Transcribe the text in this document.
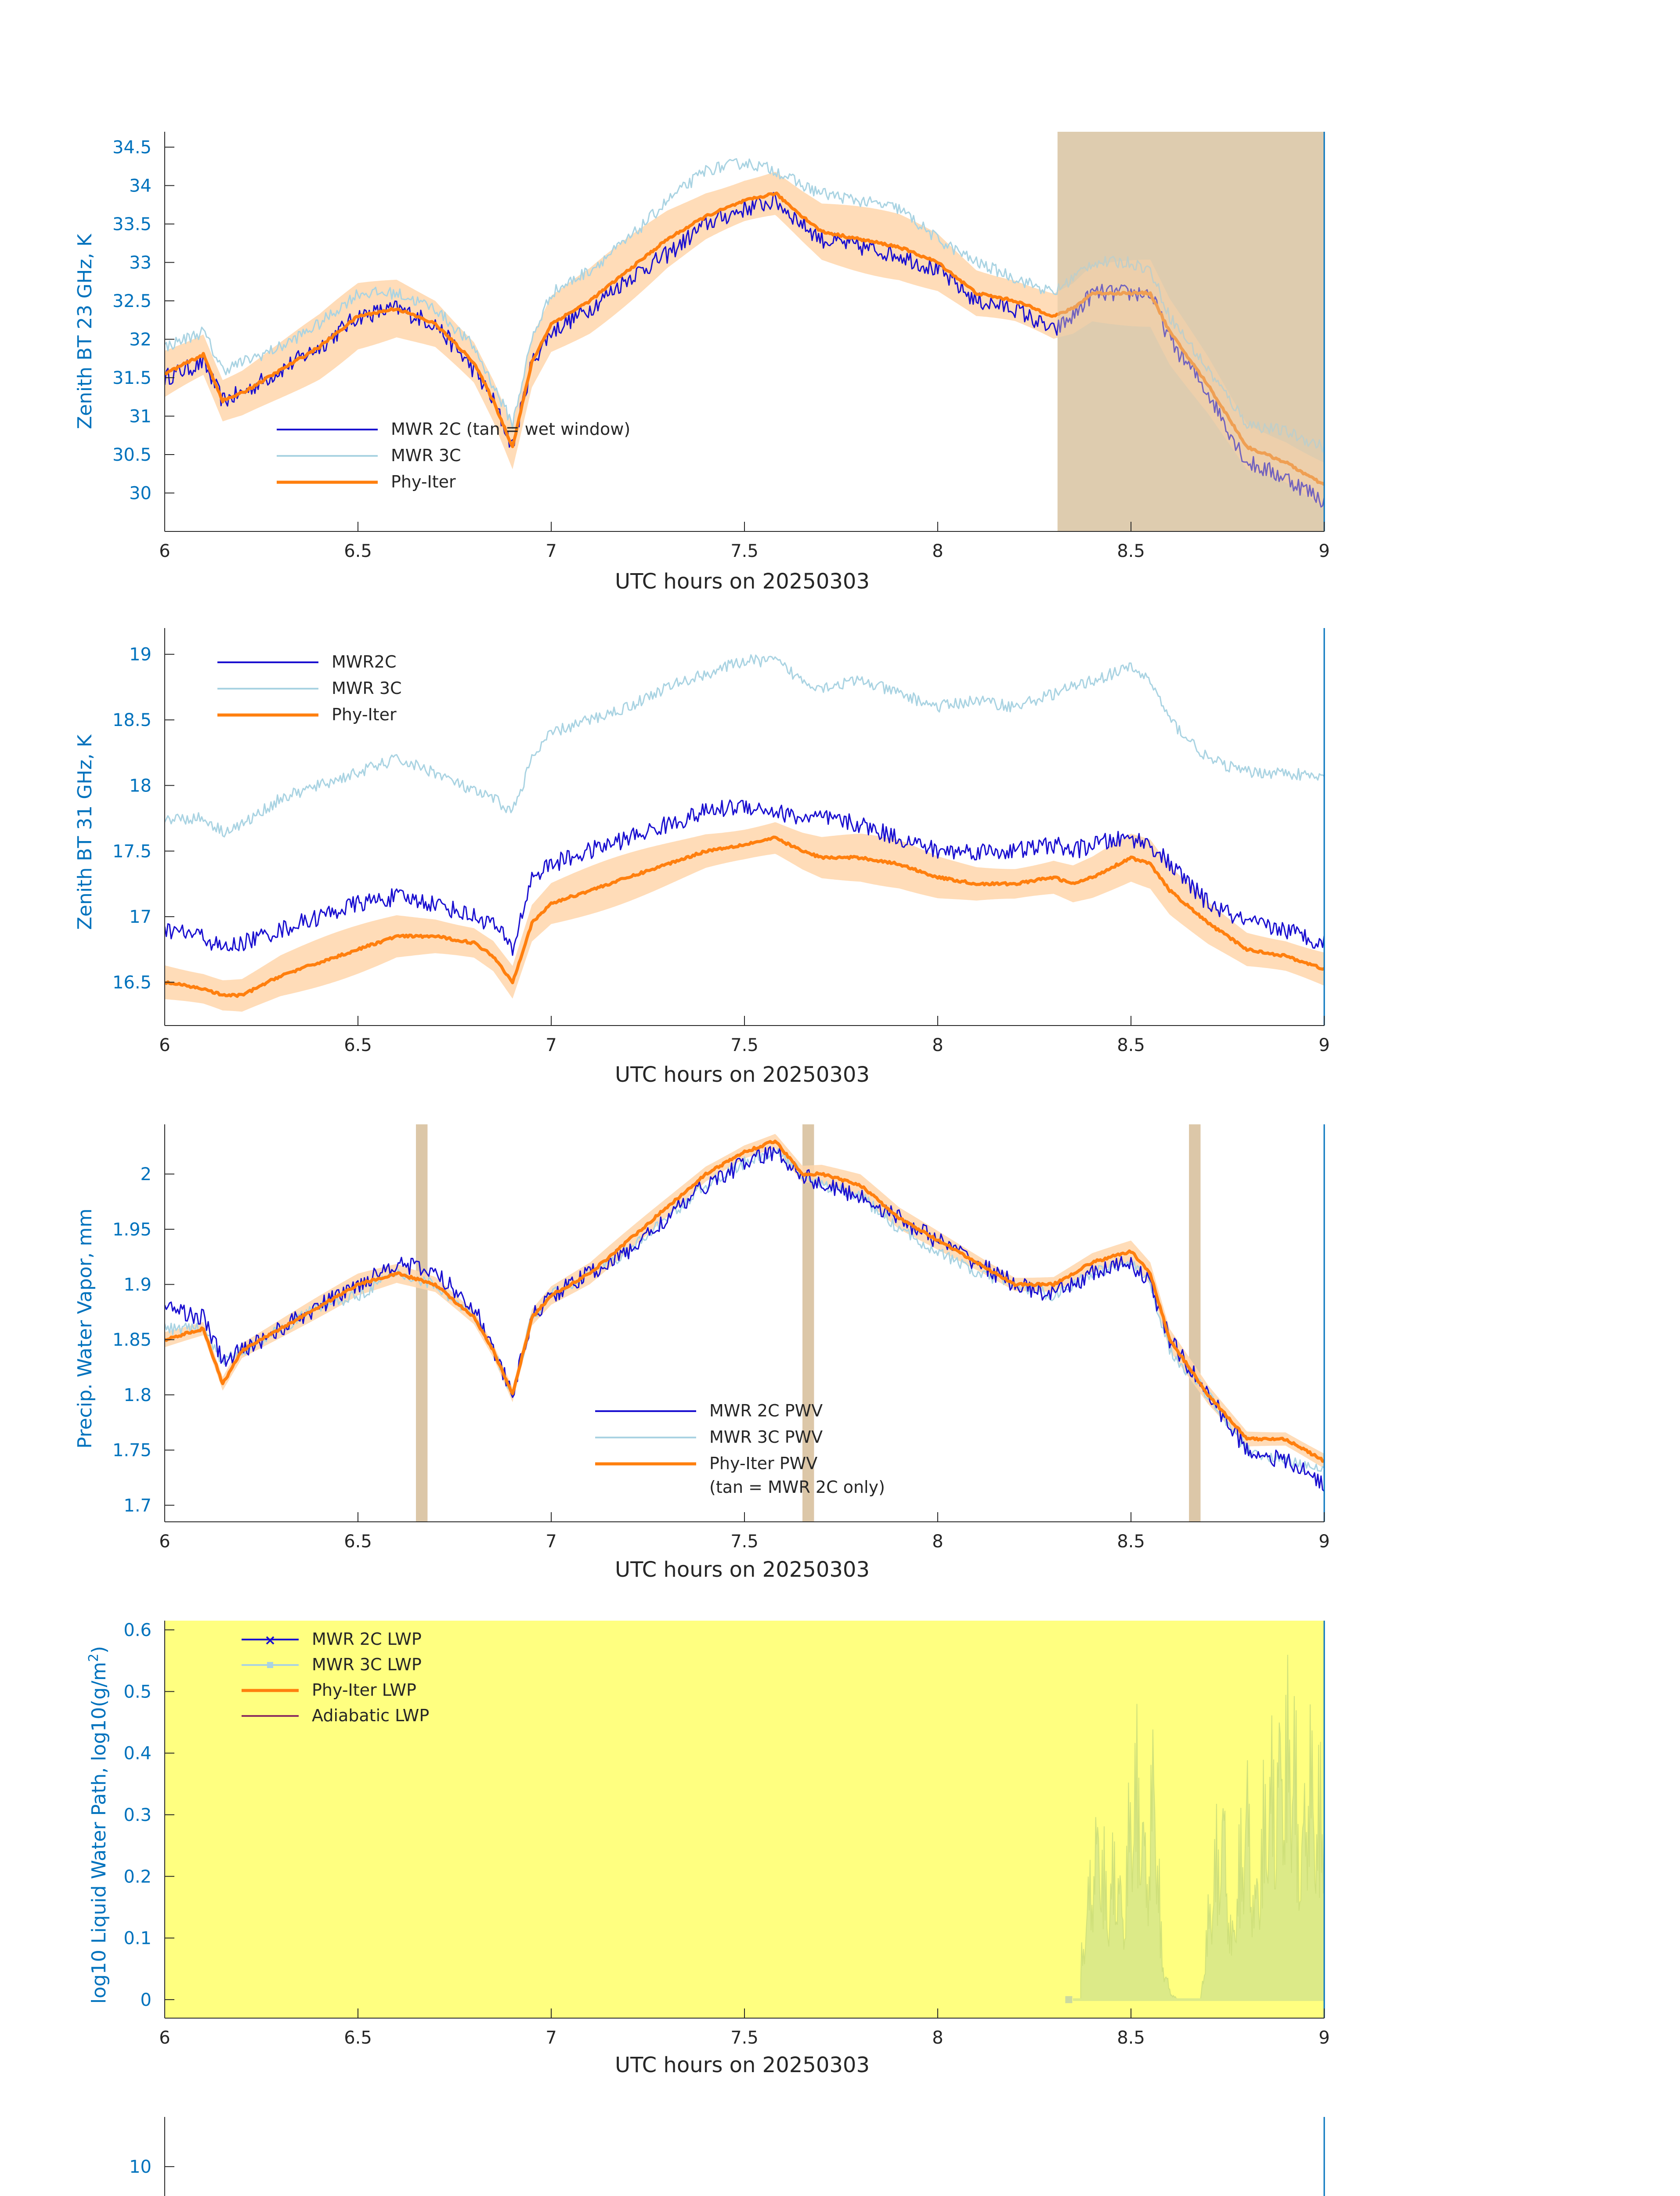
6	6.5	7	7.5	8	8.5	9
30
30.5
31
31.5
32
32.5
33
33.5
34
34.5
MWR 2C (tan = wet window)
MWR 3C
Phy-Iter
Zenith BT 23 GHz, K
UTC hours on 20250303
6	6.5	7	7.5	8	8.5	9
16.5
17
17.5
18
18.5
19	MWR2C
MWR 3C
Phy-Iter
Zenith BT 31 GHz, K
UTC hours on 20250303
6	6.5	7	7.5	8	8.5	9
1.7
1.75
1.8
1.85
1.9
1.95
2
MWR 2C PWV
MWR 3C PWV
Phy-Iter PWV
(tan = MWR 2C only)
Precip. Water Vapor, mm
UTC hours on 20250303
6	6.5	7	7.5	8	8.5	9
0
0.1
0.2
0.3
0.4
0.5
0.6	× MWR 2C LWP
MWR 3C LWP
Phy-Iter LWP
Adiabatic LWP
log10 Liquid Water Path, $\log 10(g/m^2)$
UTC hours on 20250303
10
